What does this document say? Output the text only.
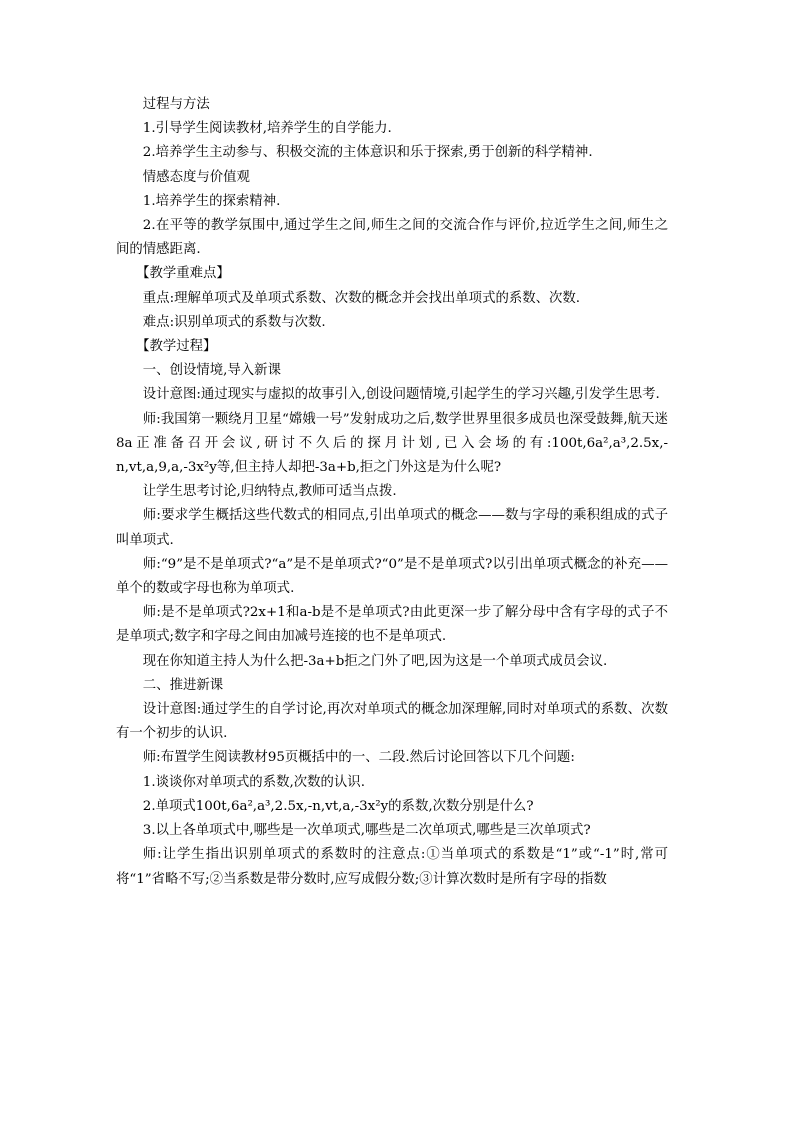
过程与方法

1.引导学生阅读教材,培养学生的自学能力.

2.培养学生主动参与、积极交流的主体意识和乐于探索,勇于创新的科学精神.

情感态度与价值观

1.培养学生的探索精神.

2.在平等的教学氛围中,通过学生之间,师生之间的交流合作与评价,拉近学生之间,师生之间的情感距离.

【教学重难点】

重点:理解单项式及单项式系数、次数的概念并会找出单项式的系数、次数.

难点:识别单项式的系数与次数.

【教学过程】

一、创设情境,导入新课

设计意图:通过现实与虚拟的故事引入,创设问题情境,引起学生的学习兴趣,引发学生思考.

师:我国第一颗绕月卫星“嫦娥一号”发射成功之后,数学世界里很多成员也深受鼓舞,航天迷8a正准备召开会议,研讨不久后的探月计划,已入会场的有:100t,6a²,a³,2.5x,-n,vt,a,9,a,-3x²y等,但主持人却把-3a+b,拒之门外这是为什么呢?

让学生思考讨论,归纳特点,教师可适当点拨.

师:要求学生概括这些代数式的相同点,引出单项式的概念——数与字母的乘积组成的式子叫单项式.

师:“9”是不是单项式?“a”是不是单项式?“0”是不是单项式?以引出单项式概念的补充——单个的数或字母也称为单项式.

师:是不是单项式?2x+1和a-b是不是单项式?由此更深一步了解分母中含有字母的式子不是单项式;数字和字母之间由加减号连接的也不是单项式.

现在你知道主持人为什么把-3a+b拒之门外了吧,因为这是一个单项式成员会议.

二、推进新课

设计意图:通过学生的自学讨论,再次对单项式的概念加深理解,同时对单项式的系数、次数有一个初步的认识.

师:布置学生阅读教材95页概括中的一、二段.然后讨论回答以下几个问题:

1.谈谈你对单项式的系数,次数的认识.

2.单项式100t,6a²,a³,2.5x,-n,vt,a,-3x²y的系数,次数分别是什么?

3.以上各单项式中,哪些是一次单项式,哪些是二次单项式,哪些是三次单项式?

师:让学生指出识别单项式的系数时的注意点:①当单项式的系数是“1”或“-1”时,常可将“1”省略不写;②当系数是带分数时,应写成假分数;③计算次数时是所有字母的指数
